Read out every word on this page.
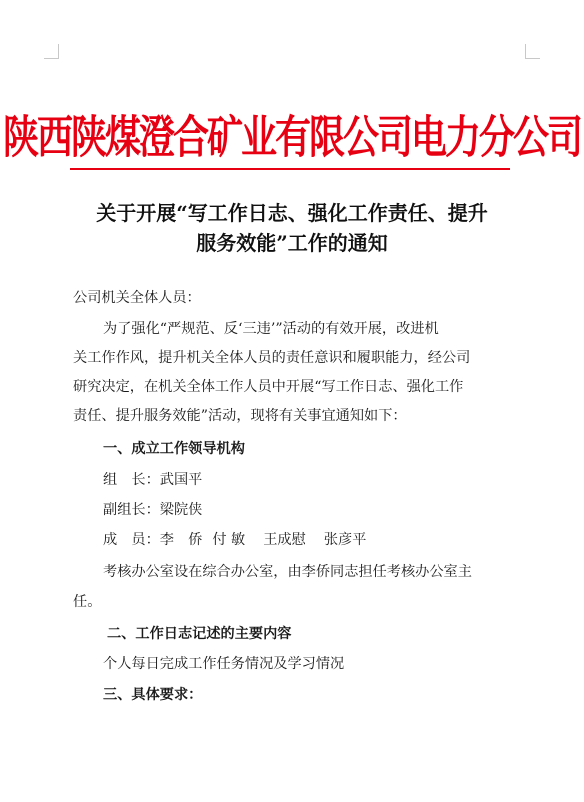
陕西陕煤澄合矿业有限公司电力分公司
关于开展“写工作日志、强化工作责任、提升
服务效能”工作的通知
公司机关全体人员：
为了强化“严规范、反‘三违’”活动的有效开展，改进机
关工作作风，提升机关全体人员的责任意识和履职能力，经公司
研究决定，在机关全体工作人员中开展“写工作日志、强化工作
责任、提升服务效能”活动，现将有关事宜通知如下：
一、成立工作领导机构
组　长：武国平
副组长：梁院侠
成　员：李　侨 付 敏 王成慰 张彦平
考核办公室设在综合办公室，由李侨同志担任考核办公室主
任。
二、工作日志记述的主要内容
个人每日完成工作任务情况及学习情况
三、具体要求：
